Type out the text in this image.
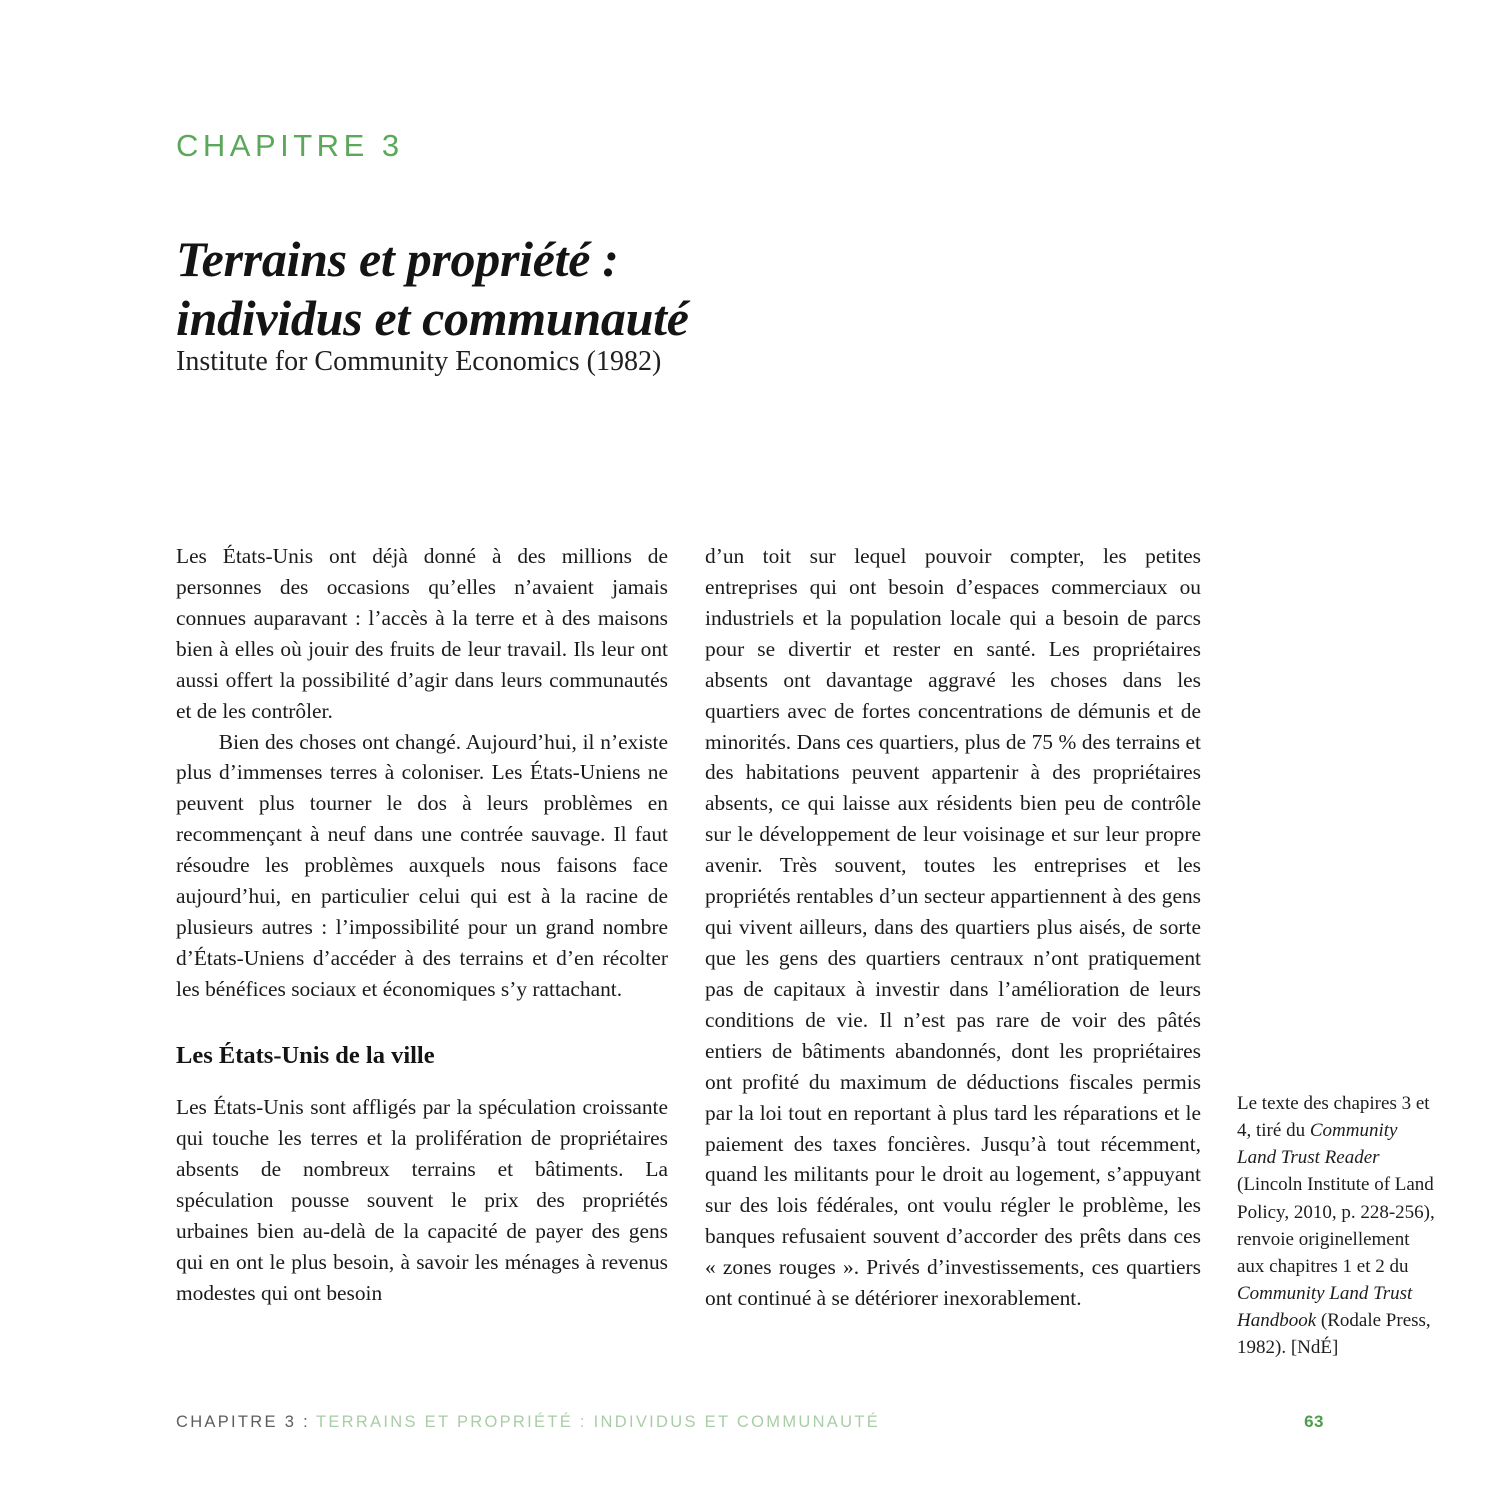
CHAPITRE 3
Terrains et propriété :
individus et communauté
Institute for Community Economics (1982)

Les États-Unis ont déjà donné à des millions de personnes des occasions qu’elles n’avaient jamais connues auparavant : l’accès à la terre et à des maisons bien à elles où jouir des fruits de leur travail. Ils leur ont aussi offert la possibilité d’agir dans leurs communautés et de les contrôler.

Bien des choses ont changé. Aujourd’hui, il n’existe plus d’immenses terres à coloniser. Les États-Uniens ne peuvent plus tourner le dos à leurs problèmes en recommençant à neuf dans une contrée sauvage. Il faut résoudre les problèmes auxquels nous faisons face aujourd’hui, en particulier celui qui est à la racine de plusieurs autres : l’impossibilité pour un grand nombre d’États-Uniens d’accéder à des terrains et d’en récolter les bénéfices sociaux et économiques s’y rattachant.

Les États-Unis de la ville

Les États-Unis sont affligés par la spéculation croissante qui touche les terres et la prolifération de propriétaires absents de nombreux terrains et bâtiments. La spéculation pousse souvent le prix des propriétés urbaines bien au-delà de la capacité de payer des gens qui en ont le plus besoin, à savoir les ménages à revenus modestes qui ont besoin

d’un toit sur lequel pouvoir compter, les petites entreprises qui ont besoin d’espaces commerciaux ou industriels et la population locale qui a besoin de parcs pour se divertir et rester en santé. Les propriétaires absents ont davantage aggravé les choses dans les quartiers avec de fortes concentrations de démunis et de minorités. Dans ces quartiers, plus de 75 % des terrains et des habitations peuvent appartenir à des propriétaires absents, ce qui laisse aux résidents bien peu de contrôle sur le développement de leur voisinage et sur leur propre avenir. Très souvent, toutes les entreprises et les propriétés rentables d’un secteur appartiennent à des gens qui vivent ailleurs, dans des quartiers plus aisés, de sorte que les gens des quartiers centraux n’ont pratiquement pas de capitaux à investir dans l’amélioration de leurs conditions de vie. Il n’est pas rare de voir des pâtés entiers de bâtiments abandonnés, dont les propriétaires ont profité du maximum de déductions fiscales permis par la loi tout en reportant à plus tard les réparations et le paiement des taxes foncières. Jusqu’à tout récemment, quand les militants pour le droit au logement, s’appuyant sur des lois fédérales, ont voulu régler le problème, les banques refusaient souvent d’accorder des prêts dans ces « zones rouges ». Privés d’investissements, ces quartiers ont continué à se détériorer inexorablement.

Le texte des chapires 3 et 4, tiré du Community Land Trust Reader (Lincoln Institute of Land Policy, 2010, p. 228-256), renvoie originellement aux chapitres 1 et 2 du Community Land Trust Handbook (Rodale Press, 1982). [NdÉ]

CHAPITRE 3 : TERRAINS ET PROPRIÉTÉ : INDIVIDUS ET COMMUNAUTÉ	63
